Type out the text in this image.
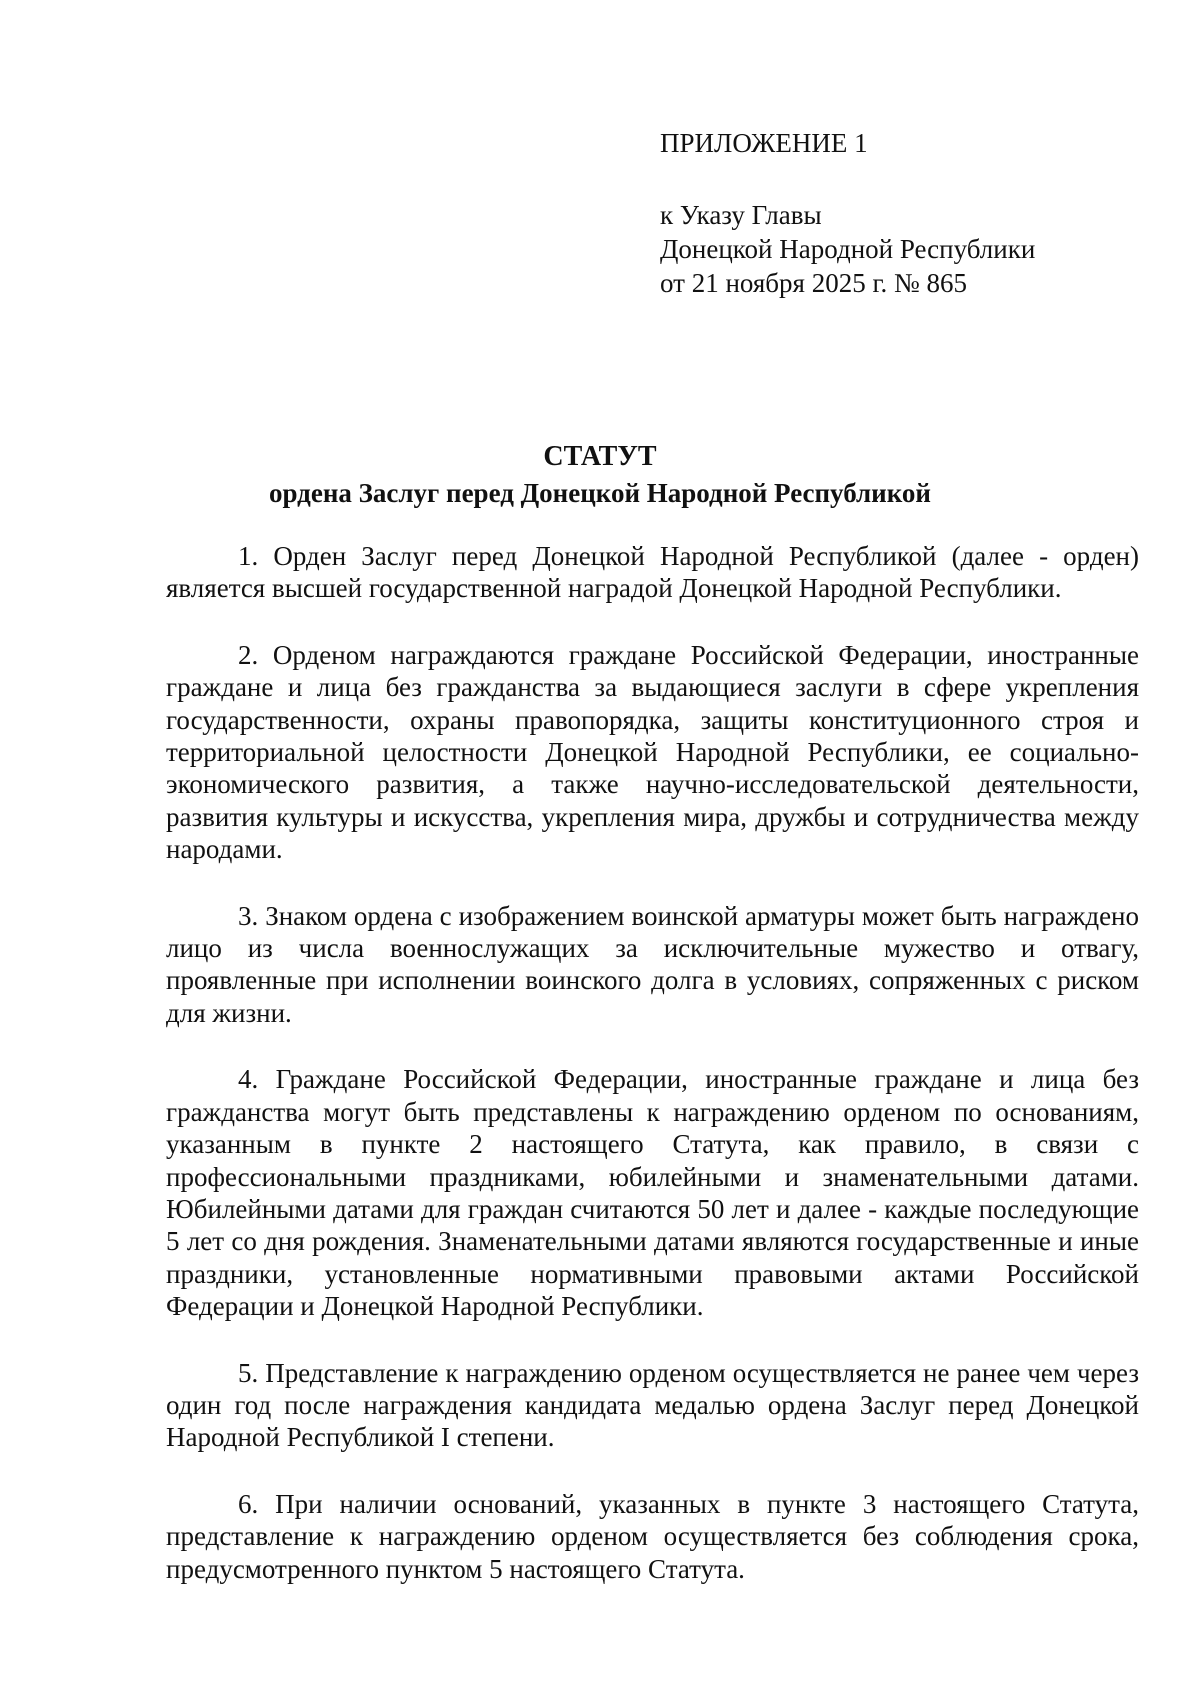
ПРИЛОЖЕНИЕ 1

к Указу Главы

Донецкой Народной Республики

от 21 ноября 2025 г. № 865

СТАТУТ

ордена Заслуг перед Донецкой Народной Республикой

1. Орден Заслуг перед Донецкой Народной Республикой (далее - орден) является высшей государственной наградой Донецкой Народной Республики.

2. Орденом награждаются граждане Российской Федерации, иностранные граждане и лица без гражданства за выдающиеся заслуги в сфере укрепления государственности, охраны правопорядка, защиты конституционного строя и территориальной целостности Донецкой Народной Республики, ее социально-экономического развития, а также научно-исследовательской деятельности, развития культуры и искусства, укрепления мира, дружбы и сотрудничества между народами.

3. Знаком ордена с изображением воинской арматуры может быть награждено лицо из числа военнослужащих за исключительные мужество и отвагу, проявленные при исполнении воинского долга в условиях, сопряженных с риском для жизни.

4. Граждане Российской Федерации, иностранные граждане и лица без гражданства могут быть представлены к награждению орденом по основаниям, указанным в пункте 2 настоящего Статута, как правило, в связи с профессиональными праздниками, юбилейными и знаменательными датами. Юбилейными датами для граждан считаются 50 лет и далее - каждые последующие 5 лет со дня рождения. Знаменательными датами являются государственные и иные праздники, установленные нормативными правовыми актами Российской Федерации и Донецкой Народной Республики.

5. Представление к награждению орденом осуществляется не ранее чем через один год после награждения кандидата медалью ордена Заслуг перед Донецкой Народной Республикой I степени.

6. При наличии оснований, указанных в пункте 3 настоящего Статута, представление к награждению орденом осуществляется без соблюдения срока, предусмотренного пунктом 5 настоящего Статута.
